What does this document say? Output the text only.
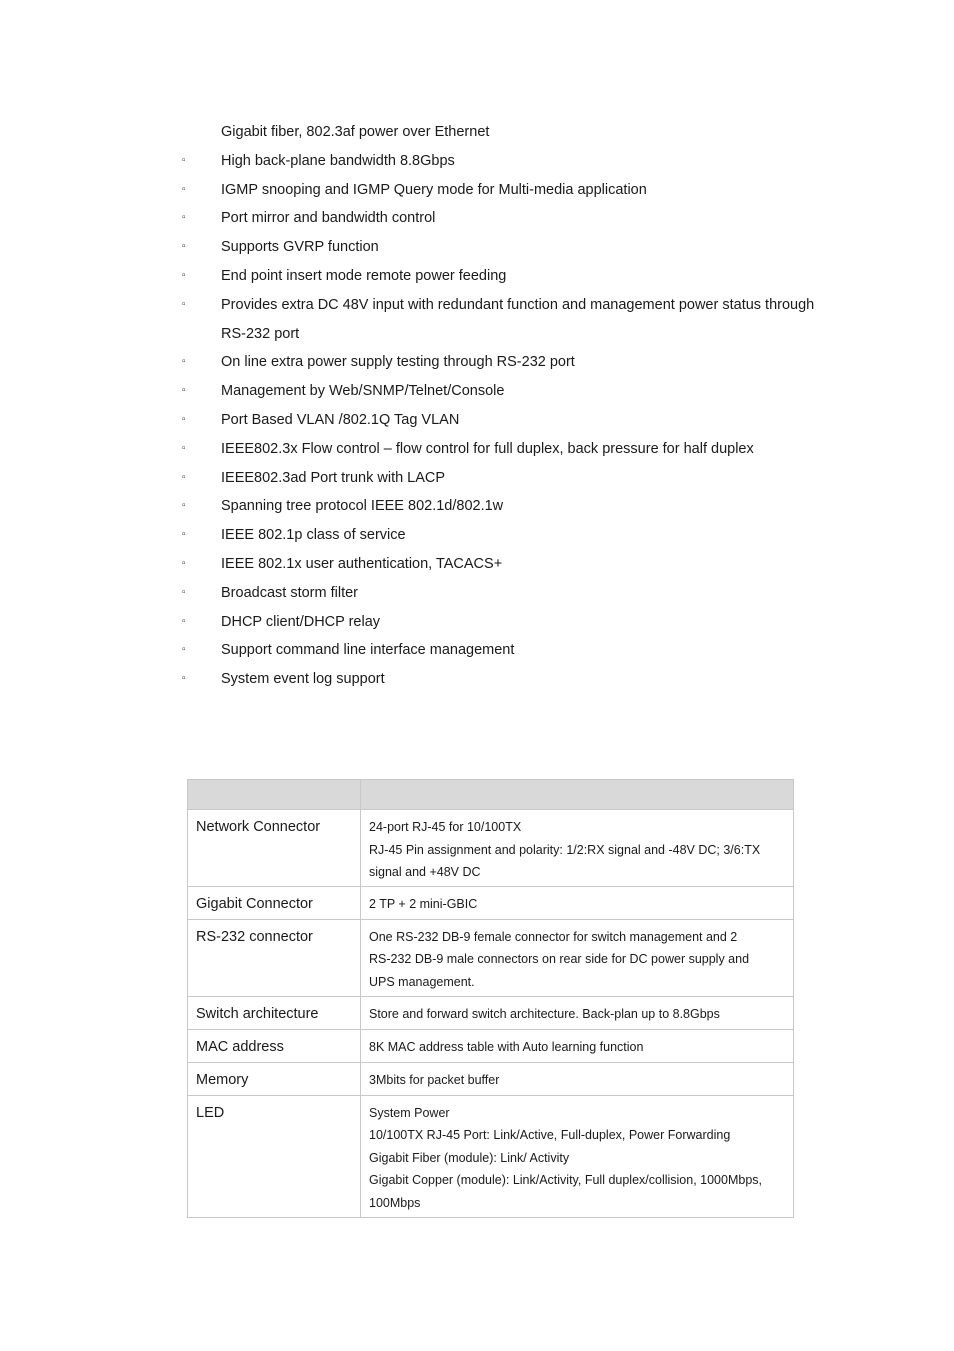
Gigabit fiber, 802.3af power over Ethernet
▫ High back-plane bandwidth 8.8Gbps
▫ IGMP snooping and IGMP Query mode for Multi-media application
▫ Port mirror and bandwidth control
▫ Supports GVRP function
▫ End point insert mode remote power feeding
▫ Provides extra DC 48V input with redundant function and management power status through
RS-232 port
▫ On line extra power supply testing through RS-232 port
▫ Management by Web/SNMP/Telnet/Console
▫ Port Based VLAN /802.1Q Tag VLAN
▫ IEEE802.3x Flow control – flow control for full duplex, back pressure for half duplex
▫ IEEE802.3ad Port trunk with LACP
▫ Spanning tree protocol IEEE 802.1d/802.1w
▫ IEEE 802.1p class of service
▫ IEEE 802.1x user authentication, TACACS+
▫ Broadcast storm filter
▫ DHCP client/DHCP relay
▫ Support command line interface management
▫ System event log support

Network Connector	24-port RJ-45 for 10/100TX
RJ-45 Pin assignment and polarity: 1/2:RX signal and -48V DC; 3/6:TX
signal and +48V DC

Gigabit Connector	2 TP + 2 mini-GBIC

RS-232 connector	One RS-232 DB-9 female connector for switch management and 2
RS-232 DB-9 male connectors on rear side for DC power supply and
UPS management.

Switch architecture	Store and forward switch architecture. Back-plan up to 8.8Gbps

MAC address	8K MAC address table with Auto learning function

Memory	3Mbits for packet buffer

LED	System Power
10/100TX RJ-45 Port: Link/Active, Full-duplex, Power Forwarding
Gigabit Fiber (module): Link/ Activity
Gigabit Copper (module): Link/Activity, Full duplex/collision, 1000Mbps,
100Mbps
